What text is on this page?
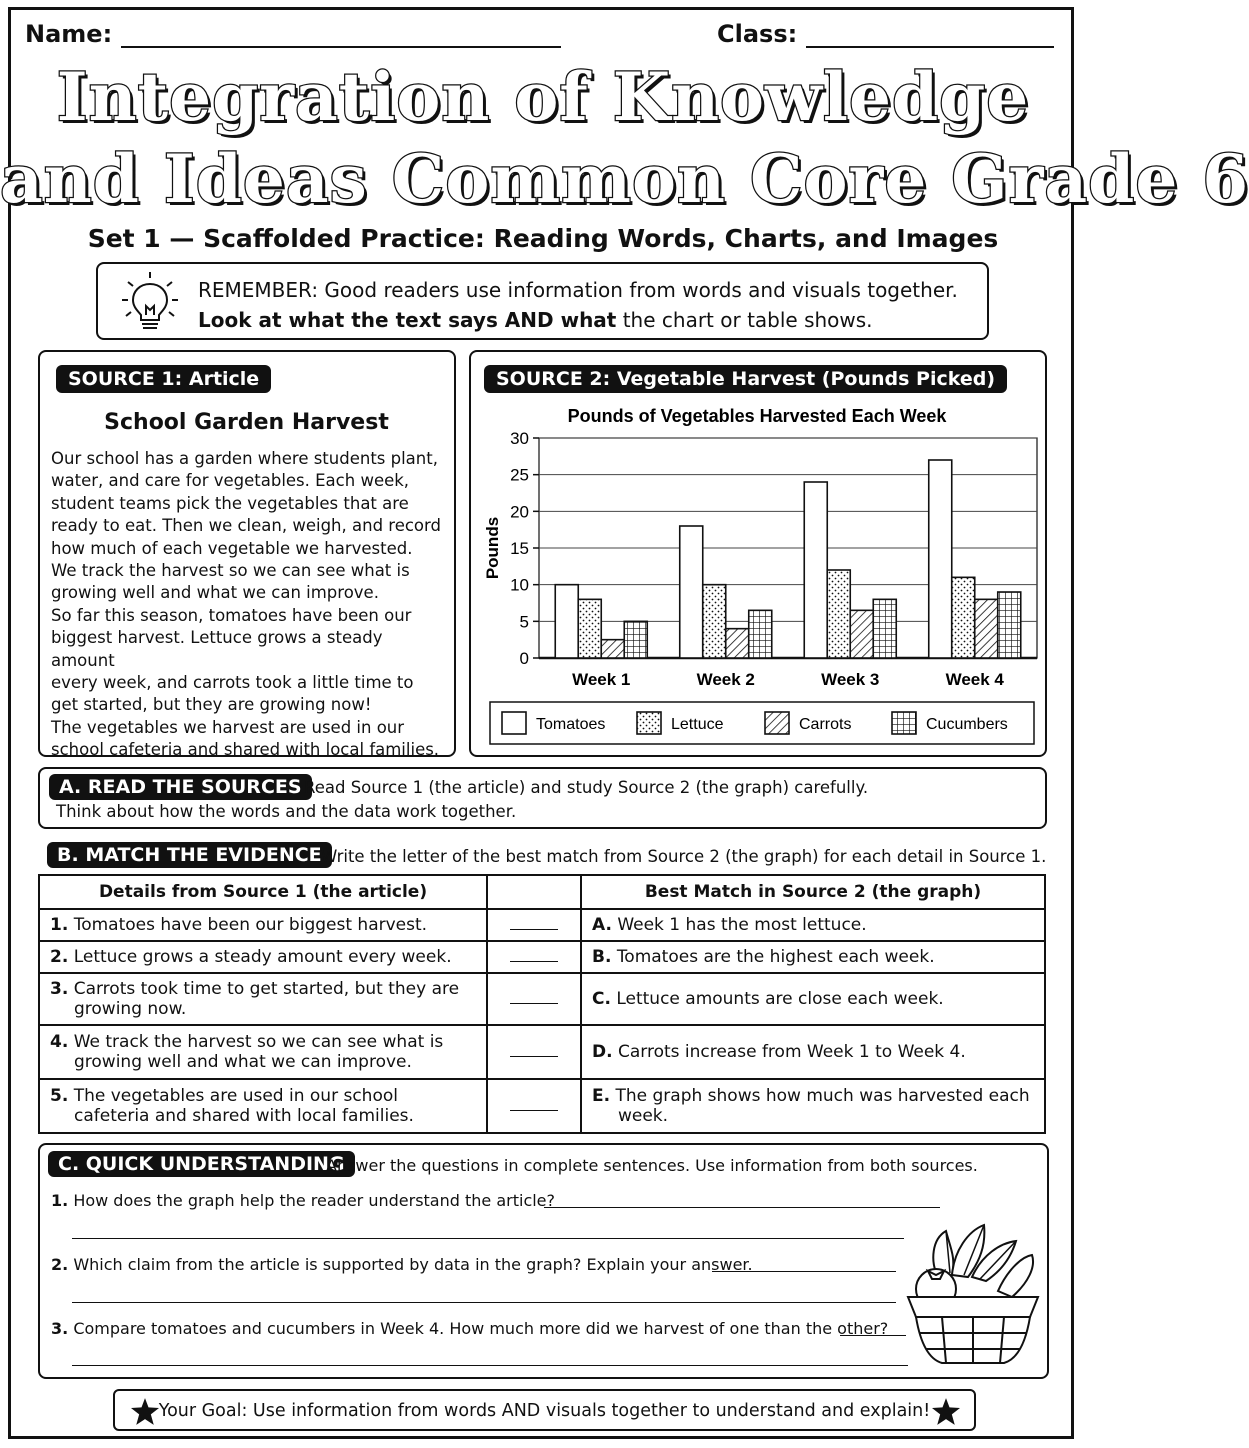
Name:	Class:
Integration of Knowledge
and Ideas Common Core Grade 6
Set 1 — Scaffolded Practice: Reading Words, Charts, and Images
REMEMBER: Good readers use information from words and visuals together.
Look at what the text says AND what the chart or table shows.
SOURCE 1: Article
School Garden Harvest

Our school has a garden where students plant,

water, and care for vegetables. Each week,

student teams pick the vegetables that are

ready to eat. Then we clean, weigh, and record

how much of each vegetable we harvested.

We track the harvest so we can see what is

growing well and what we can improve.

So far this season, tomatoes have been our

biggest harvest. Lettuce grows a steady amount

every week, and carrots took a little time to

get started, but they are growing now!

The vegetables we harvest are used in our

school cafeteria and shared with local families.

SOURCE 2: Vegetable Harvest (Pounds Picked)
Pounds of Vegetables Harvested Each Week
Pounds
0
5
10
15
20
25
30
Week 1	Week 2	Week 3	Week 4
Tomatoes	Lettuce	Carrots	Cucumbers
A. READ THE SOURCES Read Source 1 (the article) and study Source 2 (the graph) carefully.
Think about how the words and the data work together.
B. MATCH THE EVIDENCE Write the letter of the best match from Source 2 (the graph) for each detail in Source 1.
Details from Source 1 (the article)		Best Match in Source 2 (the graph)
1. Tomatoes have been our biggest harvest.		A. Week 1 has the most lettuce.
2. Lettuce grows a steady amount every week.		B. Tomatoes are the highest each week.
3. Carrots took time to get started, but they are growing now.		C. Lettuce amounts are close each week.
4. We track the harvest so we can see what is growing well and what we can improve.		D. Carrots increase from Week 1 to Week 4.
5. The vegetables are used in our school cafeteria and shared with local families.		E. The graph shows how much was harvested each week.
C. QUICK UNDERSTANDING
Answer the questions in complete sentences. Use information from both sources.
1. How does the graph help the reader understand the article?
2. Which claim from the article is supported by data in the graph? Explain your answer.
3. Compare tomatoes and cucumbers in Week 4. How much more did we harvest of one than the other?
Your Goal: Use information from words AND visuals together to understand and explain!
